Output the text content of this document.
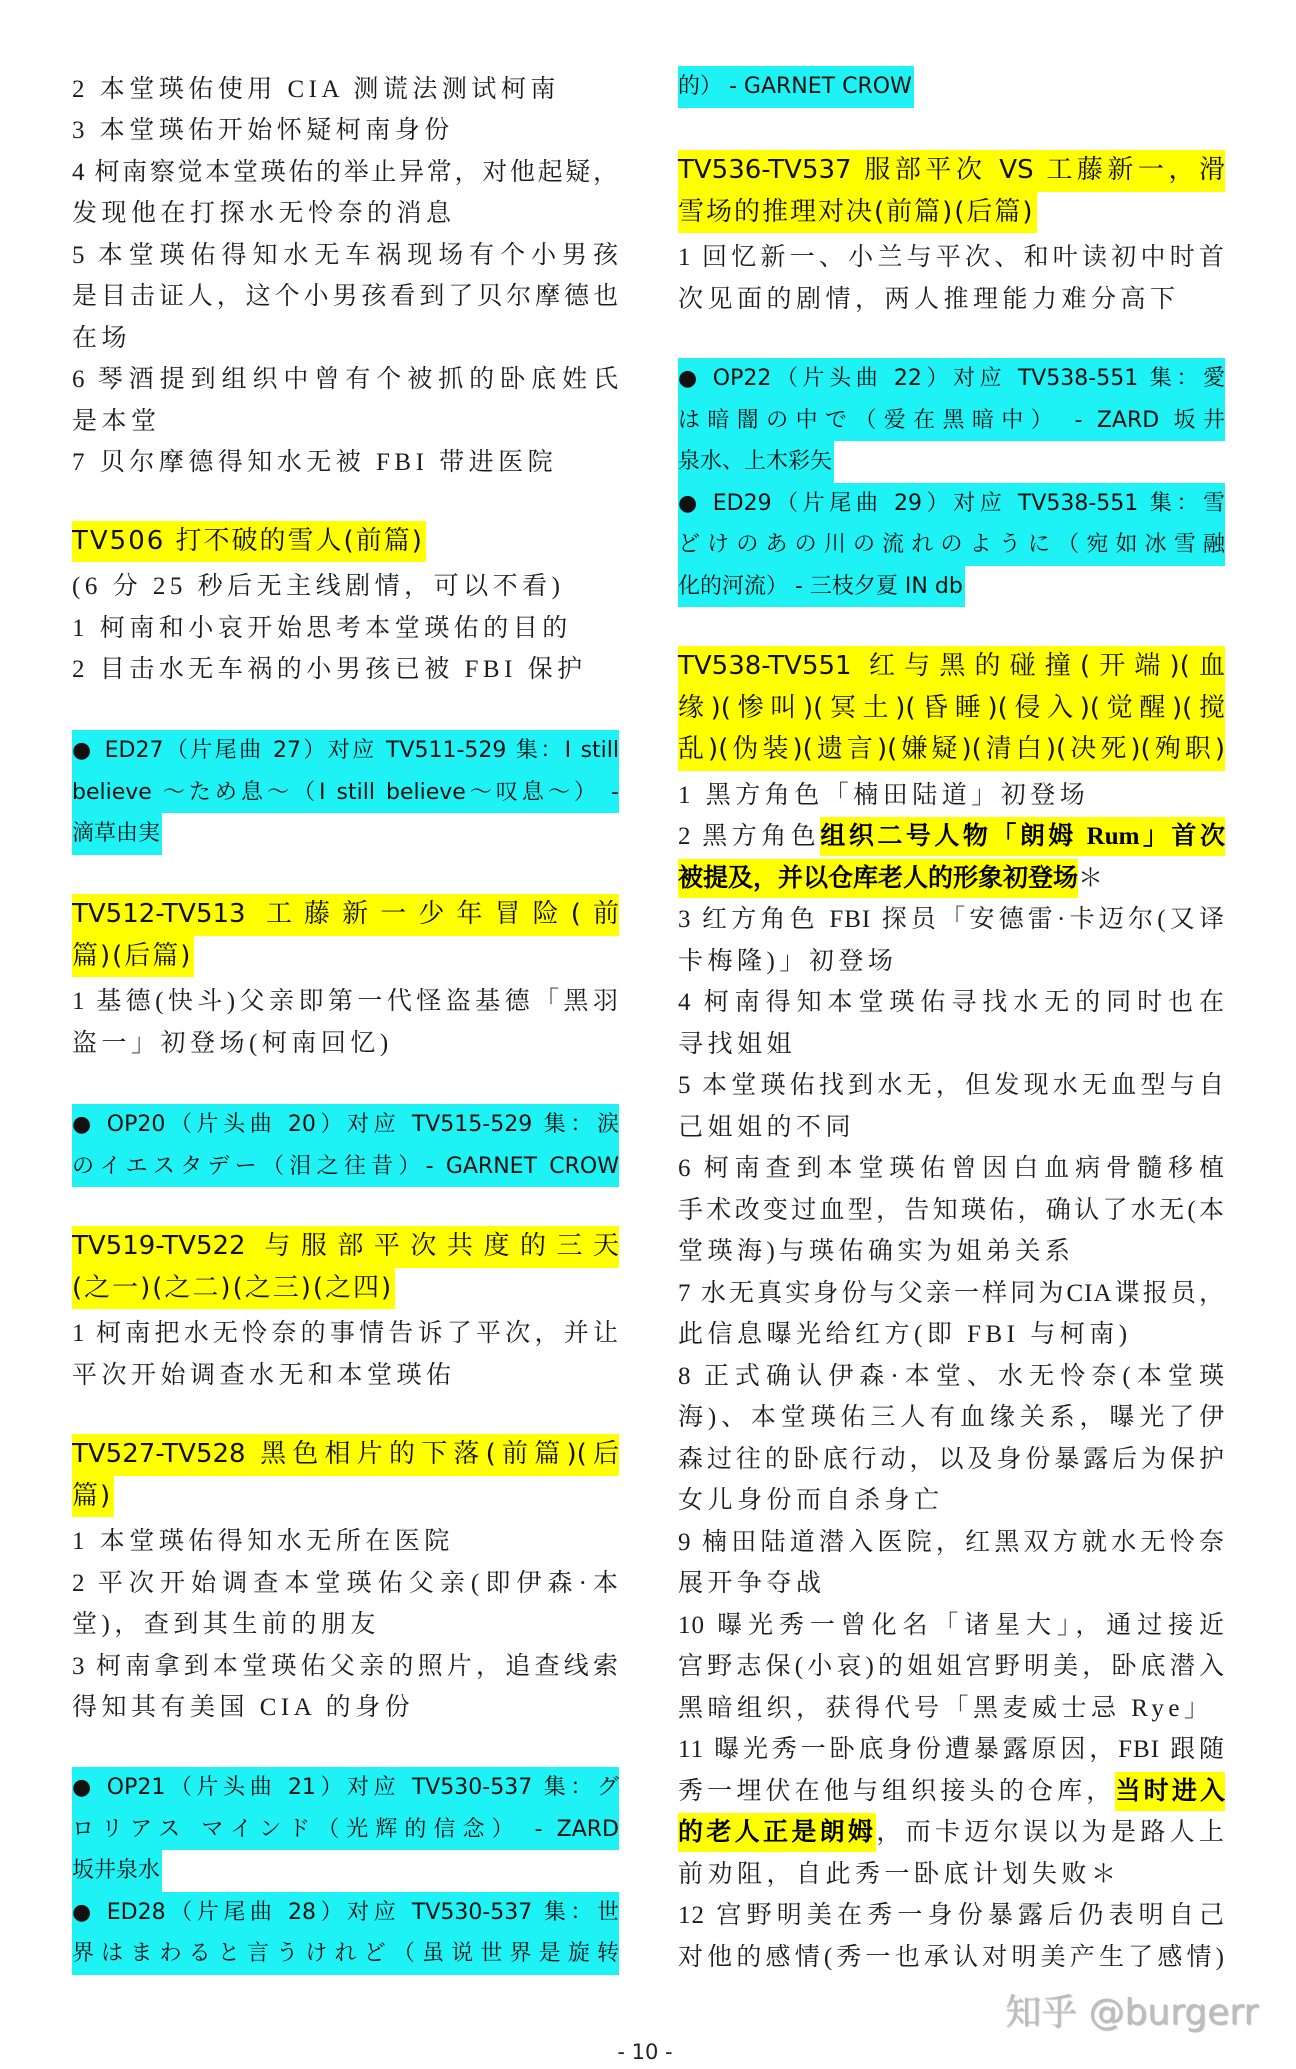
2 本堂瑛佑使用 CIA 测谎法测试柯南
3 本堂瑛佑开始怀疑柯南身份
4 柯南察觉本堂瑛佑的举止异常，对他起疑，
发现他在打探水无怜奈的消息
5 本堂瑛佑得知水无车祸现场有个小男孩
是目击证人，这个小男孩看到了贝尔摩德也
在场
6 琴酒提到组织中曾有个被抓的卧底姓氏
是本堂
7 贝尔摩德得知水无被 FBI 带进医院
TV506 打不破的雪人(前篇)
(6 分 25 秒后无主线剧情，可以不看)
1 柯南和小哀开始思考本堂瑛佑的目的
2 目击水无车祸的小男孩已被 FBI 保护
● ED27（片尾曲 27）对应 TV511-529 集：I still
believe ～ため息～（I still believe～叹息～） -
滴草由実
TV512-TV513 工藤新一少年冒险(前
篇)(后篇)
1 基德(快斗)父亲即第一代怪盗基德「黑羽
盗一」初登场(柯南回忆)
● OP20（片头曲 20）对应 TV515-529 集：涙
のイエスタデー（泪之往昔）- GARNET CROW
TV519-TV522 与服部平次共度的三天
(之一)(之二)(之三)(之四)
1 柯南把水无怜奈的事情告诉了平次，并让
平次开始调查水无和本堂瑛佑
TV527-TV528 黑色相片的下落(前篇)(后
篇)
1 本堂瑛佑得知水无所在医院
2 平次开始调查本堂瑛佑父亲(即伊森·本
堂)，查到其生前的朋友
3 柯南拿到本堂瑛佑父亲的照片，追查线索
得知其有美国 CIA 的身份
● OP21（片头曲 21）对应 TV530-537 集：グ
ロリアス マインド（光辉的信念） - ZARD
坂井泉水
● ED28（片尾曲 28）对应 TV530-537 集：世
界はまわると言うけれど（虽说世界是旋转
的） - GARNET CROW
TV536-TV537 服部平次 VS 工藤新一，滑
雪场的推理对决(前篇)(后篇)
1 回忆新一、小兰与平次、和叶读初中时首
次见面的剧情，两人推理能力难分高下
● OP22（片头曲 22）对应 TV538-551 集：愛
は暗闇の中で（爱在黑暗中） - ZARD 坂井
泉水、上木彩矢
● ED29（片尾曲 29）对应 TV538-551 集：雪
どけのあの川の流れのように（宛如冰雪融
化的河流） - 三枝夕夏 IN db
TV538-TV551 红与黑的碰撞(开端)(血
缘)(惨叫)(冥土)(昏睡)(侵入)(觉醒)(搅
乱)(伪装)(遗言)(嫌疑)(清白)(决死)(殉职)
1 黑方角色「楠田陆道」初登场
2 黑方角色组织二号人物「朗姆 Rum」首次
被提及，并以仓库老人的形象初登场＊
3 红方角色 FBI 探员「安德雷·卡迈尔(又译
卡梅隆)」初登场
4 柯南得知本堂瑛佑寻找水无的同时也在
寻找姐姐
5 本堂瑛佑找到水无，但发现水无血型与自
己姐姐的不同
6 柯南查到本堂瑛佑曾因白血病骨髓移植
手术改变过血型，告知瑛佑，确认了水无(本
堂瑛海)与瑛佑确实为姐弟关系
7 水无真实身份与父亲一样同为CIA谍报员，
此信息曝光给红方(即 FBI 与柯南)
8 正式确认伊森·本堂、水无怜奈(本堂瑛
海)、本堂瑛佑三人有血缘关系，曝光了伊
森过往的卧底行动，以及身份暴露后为保护
女儿身份而自杀身亡
9 楠田陆道潜入医院，红黑双方就水无怜奈
展开争夺战
10 曝光秀一曾化名「诸星大」，通过接近
宫野志保(小哀)的姐姐宫野明美，卧底潜入
黑暗组织，获得代号「黑麦威士忌 Rye」
11 曝光秀一卧底身份遭暴露原因，FBI 跟随
秀一埋伏在他与组织接头的仓库，当时进入
的老人正是朗姆，而卡迈尔误以为是路人上
前劝阻，自此秀一卧底计划失败＊
12 宫野明美在秀一身份暴露后仍表明自己
对他的感情(秀一也承认对明美产生了感情)
知乎 @burgerr
- 10 -
